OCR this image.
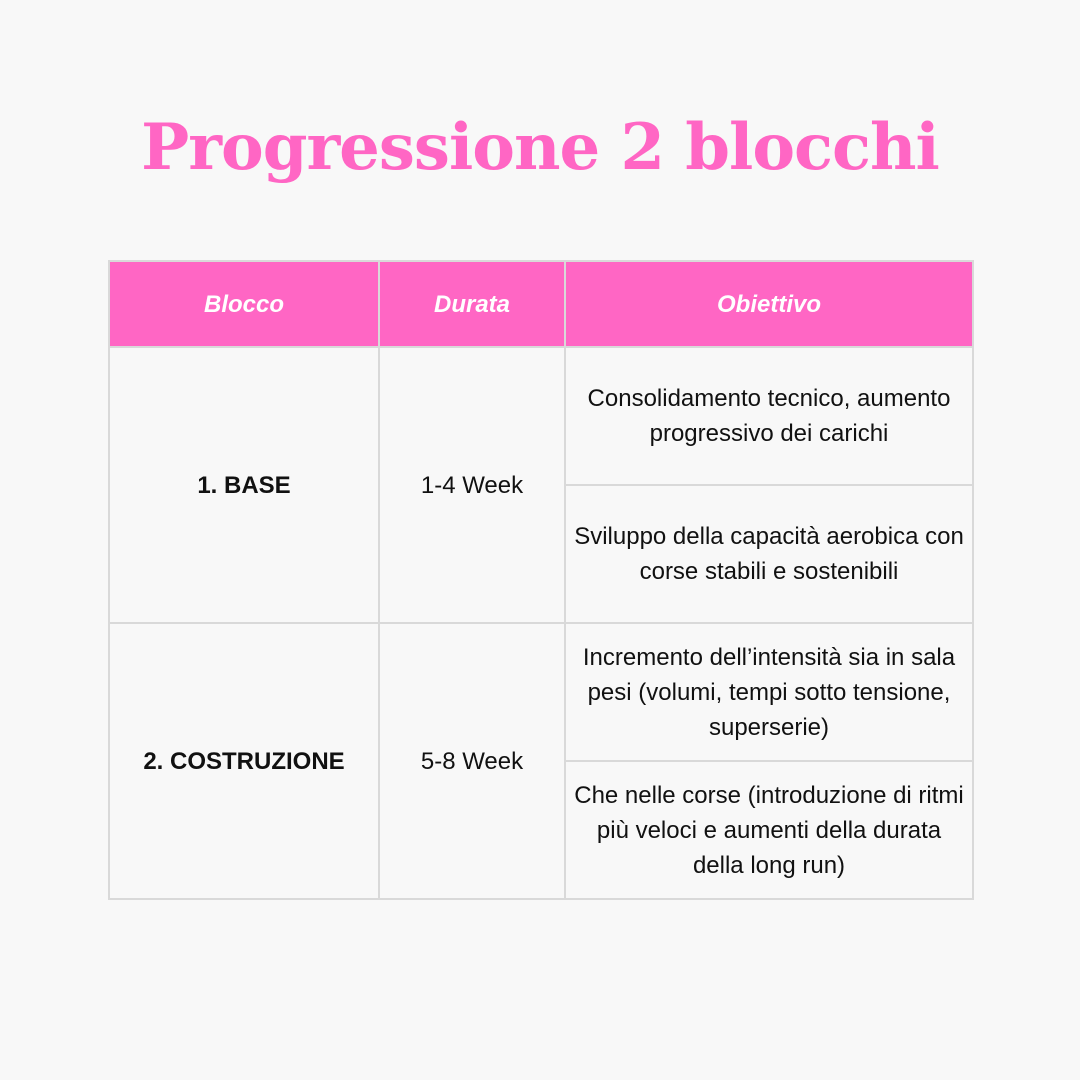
Progressione 2 blocchi
Blocco	Durata	Obiettivo
1. BASE	1-4 Week	Consolidamento tecnico, aumento progressivo dei carichi
		Sviluppo della capacità aerobica con corse stabili e sostenibili
2. COSTRUZIONE	5-8 Week	Incremento dell’intensità sia in sala pesi (volumi, tempi sotto tensione, superserie)
		Che nelle corse (introduzione di ritmi più veloci e aumenti della durata della long run)
